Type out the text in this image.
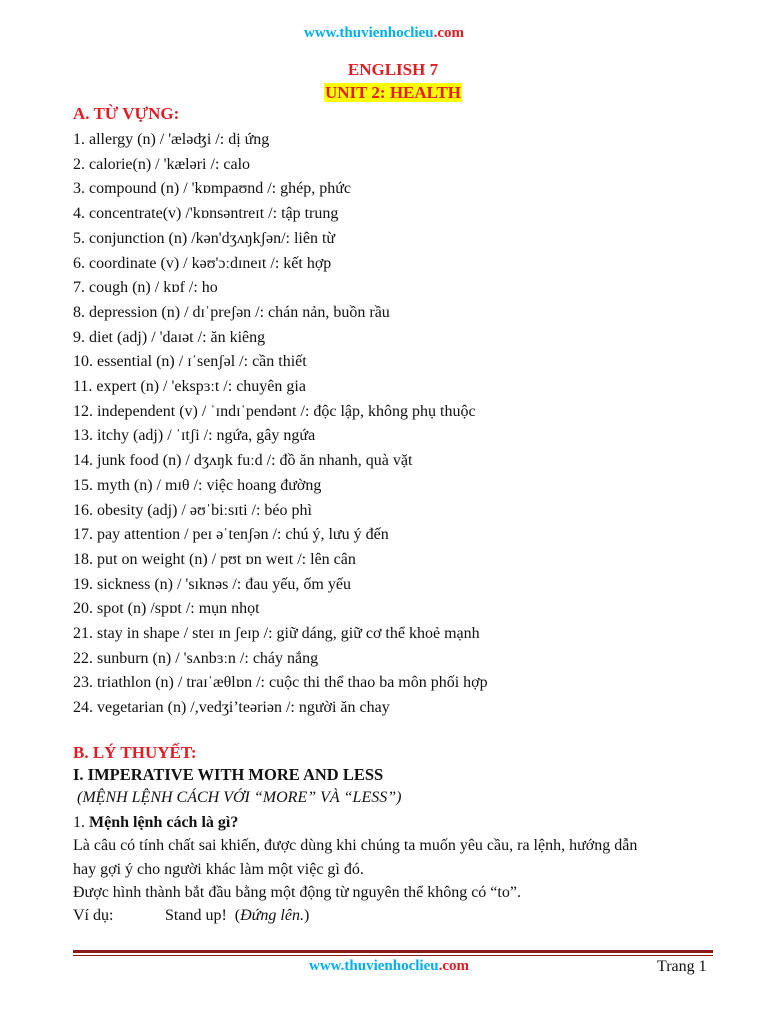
www.thuvienhoclieu.com
ENGLISH 7
UNIT 2: HEALTH
A. TỪ VỰNG:
1. allergy (n) / 'æləʤi /: dị ứng
2. calorie(n) / 'kæləri /: calo
3. compound (n) / 'kɒmpaʊnd /: ghép, phức
4. concentrate(v) /'kɒnsəntreɪt /: tập trung
5. conjunction (n) /kən'dʒʌŋkʃən/: liên từ
6. coordinate (v) / kəʊ'ɔːdɪneɪt /: kết hợp
7. cough (n) / kɒf /: ho
8. depression (n) / dɪˈpreʃən /: chán nản, buồn rầu
9. diet (adj) / 'daɪət /: ăn kiêng
10. essential (n) / ɪˈsenʃəl /: cần thiết
11. expert (n) / 'ekspɜːt /: chuyên gia
12. independent (v) / ˈɪndɪˈpendənt /: độc lập, không phụ thuộc
13. itchy (adj) / ˈɪtʃi /: ngứa, gây ngứa
14. junk food (n) / dʒʌŋk fuːd /: đồ ăn nhanh, quà vặt
15. myth (n) / mɪθ /: việc hoang đường
16. obesity (adj) / əʊˈbiːsɪti /: béo phì
17. pay attention / peɪ əˈtenʃən /: chú ý, lưu ý đến
18. put on weight (n) / pʊt ɒn weɪt /: lên cân
19. sickness (n) / 'sɪknəs /: đau yếu, ốm yếu
20. spot (n) /spɒt /: mụn nhọt
21. stay in shape / steɪ ɪn ʃeɪp /: giữ dáng, giữ cơ thể khoẻ mạnh
22. sunburn (n) / 'sʌnbɜːn /: cháy nắng
23. triathlon (n) / traɪˈæθlɒn /: cuộc thi thể thao ba môn phối hợp
24. vegetarian (n) /,vedʒi’teəriən /: người ăn chay
B. LÝ THUYẾT:
I. IMPERATIVE WITH MORE AND LESS
(MỆNH LỆNH CÁCH VỚI “MORE” VÀ “LESS”)
1. Mệnh lệnh cách là gì?
Là câu có tính chất sai khiến, được dùng khi chúng ta muốn yêu cầu, ra lệnh, hướng dẫn
hay gợi ý cho người khác làm một việc gì đó.
Được hình thành bắt đầu bằng một động từ nguyên thể không có “to”.
Ví dụ:	Stand up! (Đứng lên.)
www.thuvienhoclieu.com	Trang 1
